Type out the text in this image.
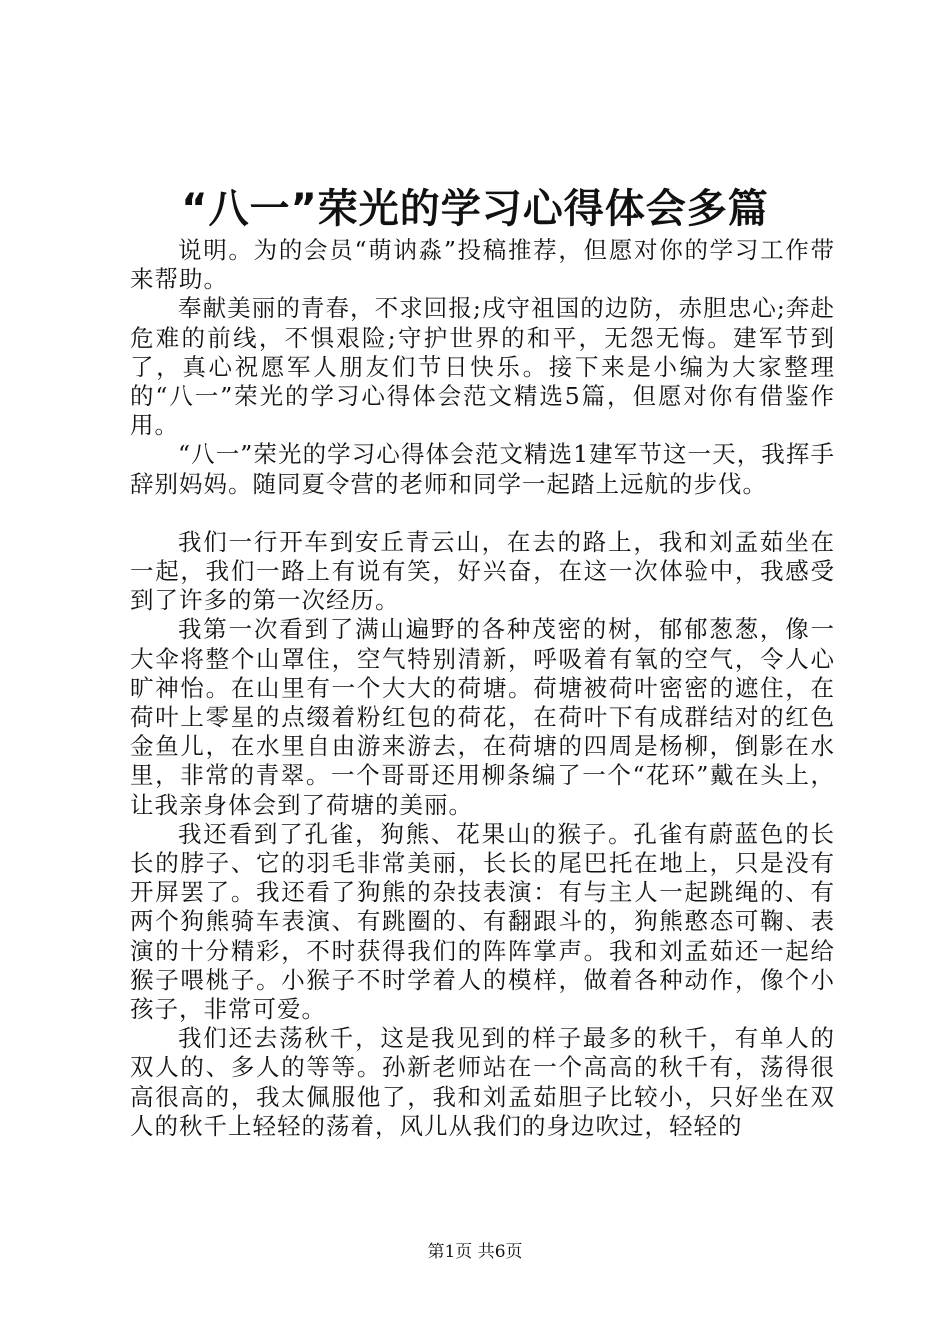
“八一”荣光的学习心得体会多篇

说明。为的会员“萌讷淼”投稿推荐，但愿对你的学习工作带来帮助。

奉献美丽的青春，不求回报;戌守祖国的边防，赤胆忠心;奔赴危难的前线，不惧艰险;守护世界的和平，无怨无悔。建军节到了，真心祝愿军人朋友们节日快乐。接下来是小编为大家整理的“八一”荣光的学习心得体会范文精选5篇，但愿对你有借鉴作用。

“八一”荣光的学习心得体会范文精选1建军节这一天，我挥手辞别妈妈。随同夏令营的老师和同学一起踏上远航的步伐。

我们一行开车到安丘青云山，在去的路上，我和刘孟茹坐在一起，我们一路上有说有笑，好兴奋，在这一次体验中，我感受到了许多的第一次经历。

我第一次看到了满山遍野的各种茂密的树，郁郁葱葱，像一大伞将整个山罩住，空气特别清新，呼吸着有氧的空气，令人心旷神怡。在山里有一个大大的荷塘。荷塘被荷叶密密的遮住，在荷叶上零星的点缀着粉红包的荷花，在荷叶下有成群结对的红色金鱼儿，在水里自由游来游去，在荷塘的四周是杨柳，倒影在水里，非常的青翠。一个哥哥还用柳条编了一个“花环”戴在头上，让我亲身体会到了荷塘的美丽。

我还看到了孔雀，狗熊、花果山的猴子。孔雀有蔚蓝色的长长的脖子、它的羽毛非常美丽，长长的尾巴托在地上，只是没有开屏罢了。我还看了狗熊的杂技表演：有与主人一起跳绳的、有两个狗熊骑车表演、有跳圈的、有翻跟斗的，狗熊憨态可鞠、表演的十分精彩，不时获得我们的阵阵掌声。我和刘孟茹还一起给猴子喂桃子。小猴子不时学着人的模样，做着各种动作，像个小孩子，非常可爱。

我们还去荡秋千，这是我见到的样子最多的秋千，有单人的双人的、多人的等等。孙新老师站在一个高高的秋千有，荡得很高很高的，我太佩服他了，我和刘孟茹胆子比较小，只好坐在双人的秋千上轻轻的荡着，风儿从我们的身边吹过，轻轻的

第1页 共6页
